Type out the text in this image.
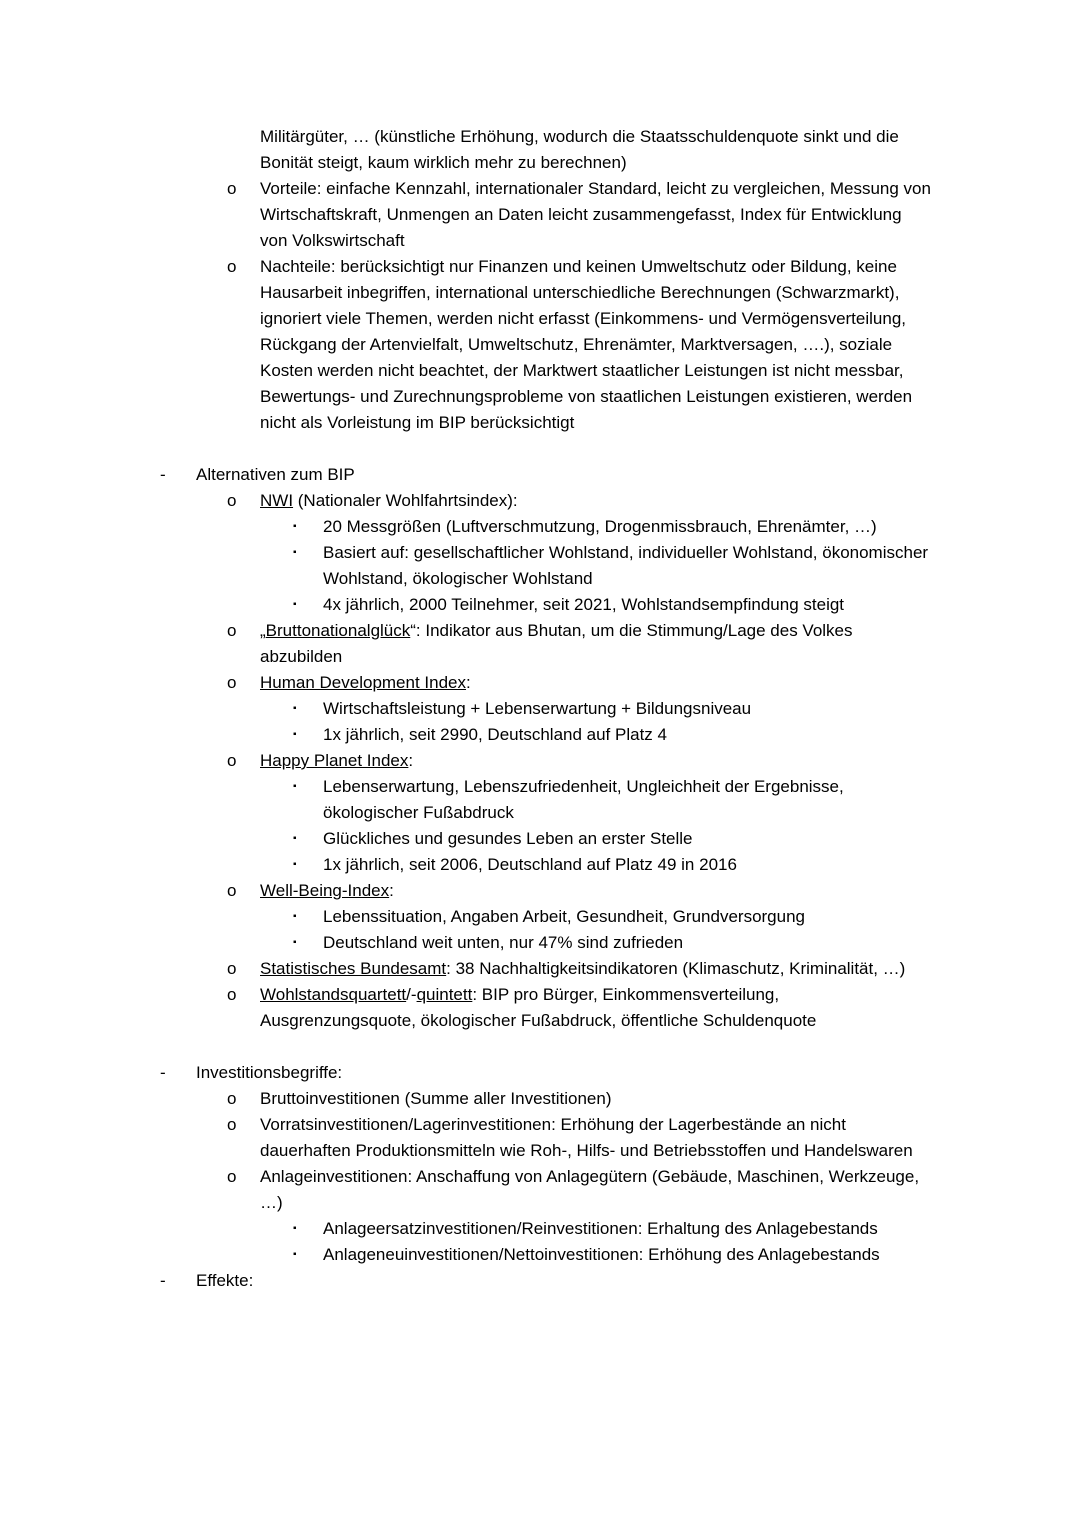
Militärgüter, … (künstliche Erhöhung, wodurch die Staatsschuldenquote sinkt und die Bonität steigt, kaum wirklich mehr zu berechnen)
o	Vorteile: einfache Kennzahl, internationaler Standard, leicht zu vergleichen, Messung von Wirtschaftskraft, Unmengen an Daten leicht zusammengefasst, Index für Entwicklung von Volkswirtschaft
o	Nachteile: berücksichtigt nur Finanzen und keinen Umweltschutz oder Bildung, keine Hausarbeit inbegriffen, international unterschiedliche Berechnungen (Schwarzmarkt), ignoriert viele Themen, werden nicht erfasst (Einkommens- und Vermögensverteilung, Rückgang der Artenvielfalt, Umweltschutz, Ehrenämter, Marktversagen, ….), soziale Kosten werden nicht beachtet, der Marktwert staatlicher Leistungen ist nicht messbar, Bewertungs- und Zurechnungsprobleme von staatlichen Leistungen existieren, werden nicht als Vorleistung im BIP berücksichtigt
-	Alternativen zum BIP
o	NWI (Nationaler Wohlfahrtsindex):
▪	20 Messgrößen (Luftverschmutzung, Drogenmissbrauch, Ehrenämter, …)
▪	Basiert auf: gesellschaftlicher Wohlstand, individueller Wohlstand, ökonomischer Wohlstand, ökologischer Wohlstand
▪	4x jährlich, 2000 Teilnehmer, seit 2021, Wohlstandsempfindung steigt
o	„Bruttonationalglück“: Indikator aus Bhutan, um die Stimmung/Lage des Volkes abzubilden
o	Human Development Index:
▪	Wirtschaftsleistung + Lebenserwartung + Bildungsniveau
▪	1x jährlich, seit 2990, Deutschland auf Platz 4
o	Happy Planet Index:
▪	Lebenserwartung, Lebenszufriedenheit, Ungleichheit der Ergebnisse, ökologischer Fußabdruck
▪	Glückliches und gesundes Leben an erster Stelle
▪	1x jährlich, seit 2006, Deutschland auf Platz 49 in 2016
o	Well-Being-Index:
▪	Lebenssituation, Angaben Arbeit, Gesundheit, Grundversorgung
▪	Deutschland weit unten, nur 47% sind zufrieden
o	Statistisches Bundesamt: 38 Nachhaltigkeitsindikatoren (Klimaschutz, Kriminalität, …)
o	Wohlstandsquartett/-quintett: BIP pro Bürger, Einkommensverteilung, Ausgrenzungsquote, ökologischer Fußabdruck, öffentliche Schuldenquote
-	Investitionsbegriffe:
o	Bruttoinvestitionen (Summe aller Investitionen)
o	Vorratsinvestitionen/Lagerinvestitionen: Erhöhung der Lagerbestände an nicht dauerhaften Produktionsmitteln wie Roh-, Hilfs- und Betriebsstoffen und Handelswaren
o	Anlageinvestitionen: Anschaffung von Anlagegütern (Gebäude, Maschinen, Werkzeuge, …)
▪	Anlageersatzinvestitionen/Reinvestitionen: Erhaltung des Anlagebestands
▪	Anlageneuinvestitionen/Nettoinvestitionen: Erhöhung des Anlagebestands
-	Effekte:
